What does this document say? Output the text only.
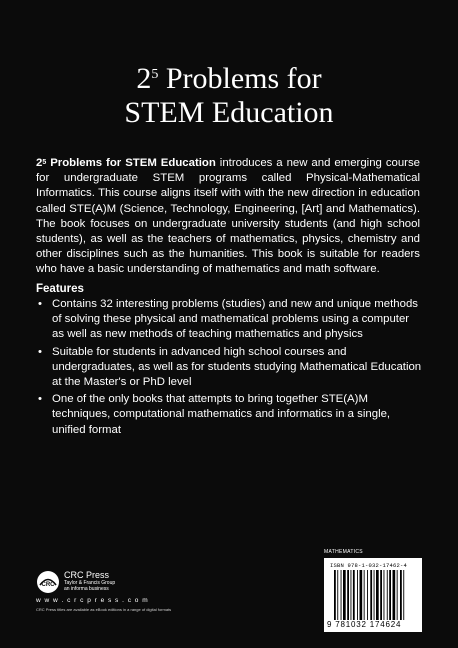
$2^5$ Problems for
STEM Education
$2^5$ Problems for STEM Education introduces a new and emerging course for undergraduate STEM programs called Physical-Mathematical Informatics. This course aligns itself with with the new direction in education called STE(A)M (Science, Technology, Engineering, [Art] and Mathematics). The book focuses on undergraduate university students (and high school students), as well as the teachers of mathematics, physics, chemistry and other disciplines such as the humanities. This book is suitable for readers who have a basic understanding of mathematics and math software.
Features
• Contains 32 interesting problems (studies) and new and unique methods of solving these physical and mathematical problems using a computer as well as new methods of teaching mathematics and physics
• Suitable for students in advanced high school courses and undergraduates, as well as for students studying Mathematical Education at the Master's or PhD level
• One of the only books that attempts to bring together STE(A)M techniques, computational mathematics and informatics in a single, unified format
MATHEMATICS
ISBN 978-1-032-17462-4
9 781032 174624
CRC
CRC Press
Taylor & Francis Group
an informa business
w w w . c r c p r e s s . c o m
CRC Press titles are available as eBook editions in a range of digital formats
